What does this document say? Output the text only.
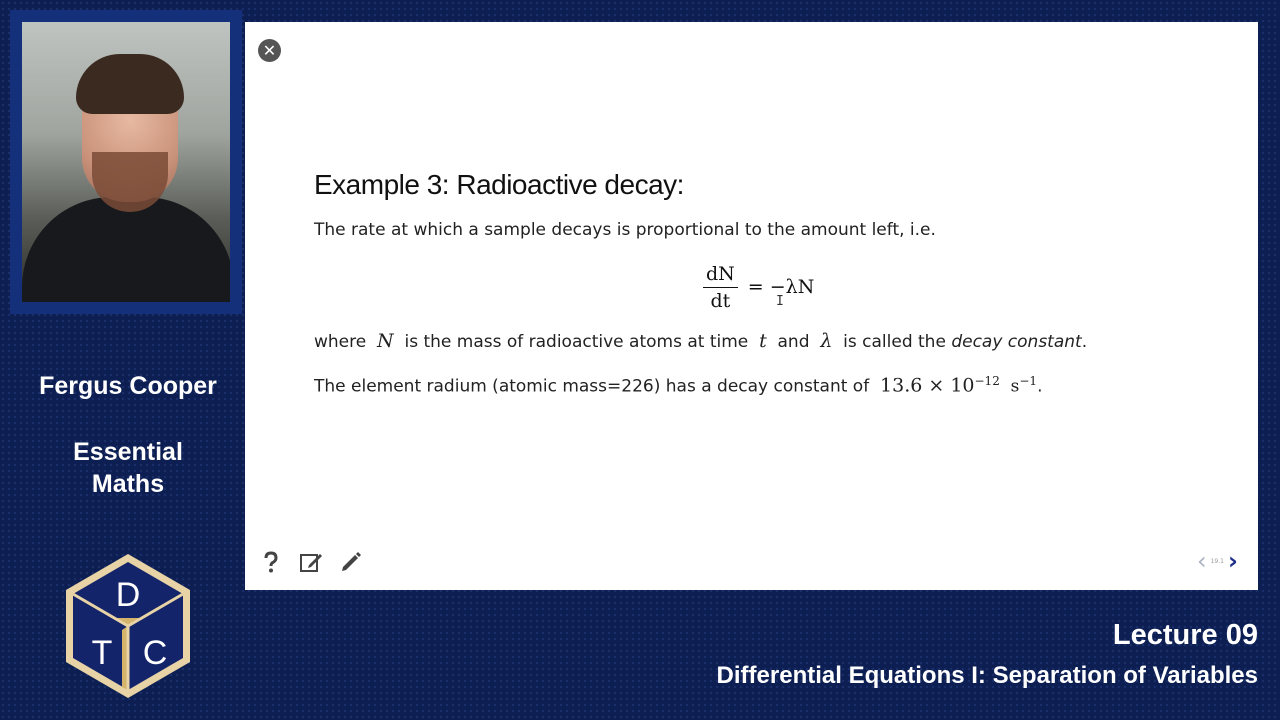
Fergus Cooper
Essential
Maths
D
T C
✕
Example 3: Radioactive decay:
The rate at which a sample decays is proportional to the amount left, i.e.
$\frac{dN}{dt} = -\lambda N$
I
where N is the mass of radioactive atoms at time t and λ is called the decay constant.
The element radium (atomic mass=226) has a decay constant of $13.6 \times 10^{-12}$ $s^{-1}$.
‹ 19.1 ›
Lecture 09
Differential Equations I: Separation of Variables
